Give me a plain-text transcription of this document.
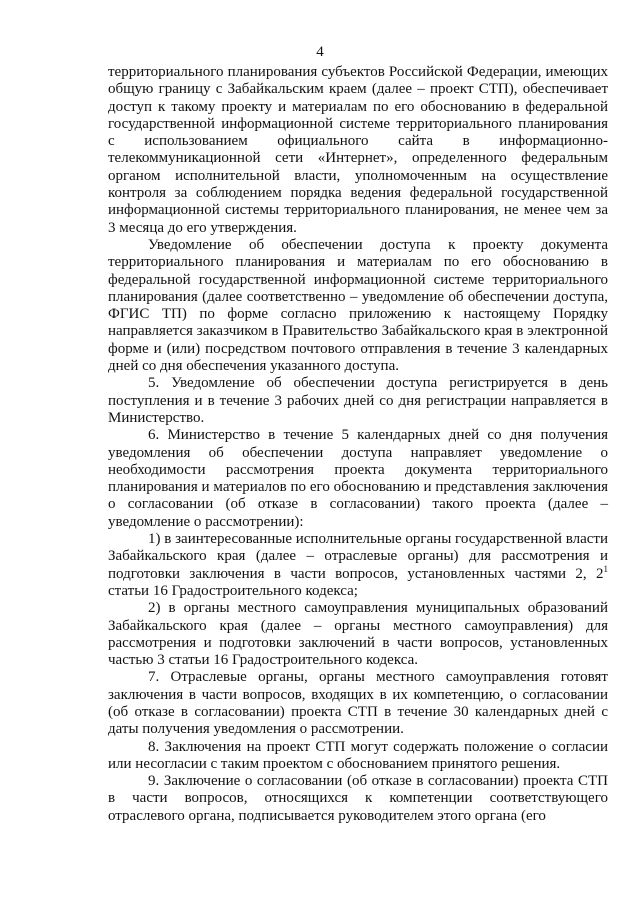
4

территориального планирования субъектов Российской Федерации, имеющих общую границу с Забайкальским краем (далее – проект СТП), обеспечивает доступ к такому проекту и материалам по его обоснованию в федеральной государственной информационной системе территориального планирования с использованием официального сайта в информационно-телекоммуникационной сети «Интернет», определенного федеральным органом исполнительной власти, уполномоченным на осуществление контроля за соблюдением порядка ведения федеральной государственной информационной системы территориального планирования, не менее чем за 3 месяца до его утверждения.

Уведомление об обеспечении доступа к проекту документа территориального планирования и материалам по его обоснованию в федеральной государственной информационной системе территориального планирования (далее соответственно – уведомление об обеспечении доступа, ФГИС ТП) по форме согласно приложению к настоящему Порядку направляется заказчиком в Правительство Забайкальского края в электронной форме и (или) посредством почтового отправления в течение 3 календарных дней со дня обеспечения указанного доступа.

5. Уведомление об обеспечении доступа регистрируется в день поступления и в течение 3 рабочих дней со дня регистрации направляется в Министерство.

6. Министерство в течение 5 календарных дней со дня получения уведомления об обеспечении доступа направляет уведомление о необходимости рассмотрения проекта документа территориального планирования и материалов по его обоснованию и представления заключения о согласовании (об отказе в согласовании) такого проекта (далее – уведомление о рассмотрении):

1) в заинтересованные исполнительные органы государственной власти Забайкальского края (далее – отраслевые органы) для рассмотрения и подготовки заключения в части вопросов, установленных частями 2, $2^1$ статьи 16 Градостроительного кодекса;

2) в органы местного самоуправления муниципальных образований Забайкальского края (далее – органы местного самоуправления) для рассмотрения и подготовки заключений в части вопросов, установленных частью 3 статьи 16 Градостроительного кодекса.

7. Отраслевые органы, органы местного самоуправления готовят заключения в части вопросов, входящих в их компетенцию, о согласовании (об отказе в согласовании) проекта СТП в течение 30 календарных дней с даты получения уведомления о рассмотрении.

8. Заключения на проект СТП могут содержать положение о согласии или несогласии с таким проектом с обоснованием принятого решения.

9. Заключение о согласовании (об отказе в согласовании) проекта СТП в части вопросов, относящихся к компетенции соответствующего отраслевого органа, подписывается руководителем этого органа (его
